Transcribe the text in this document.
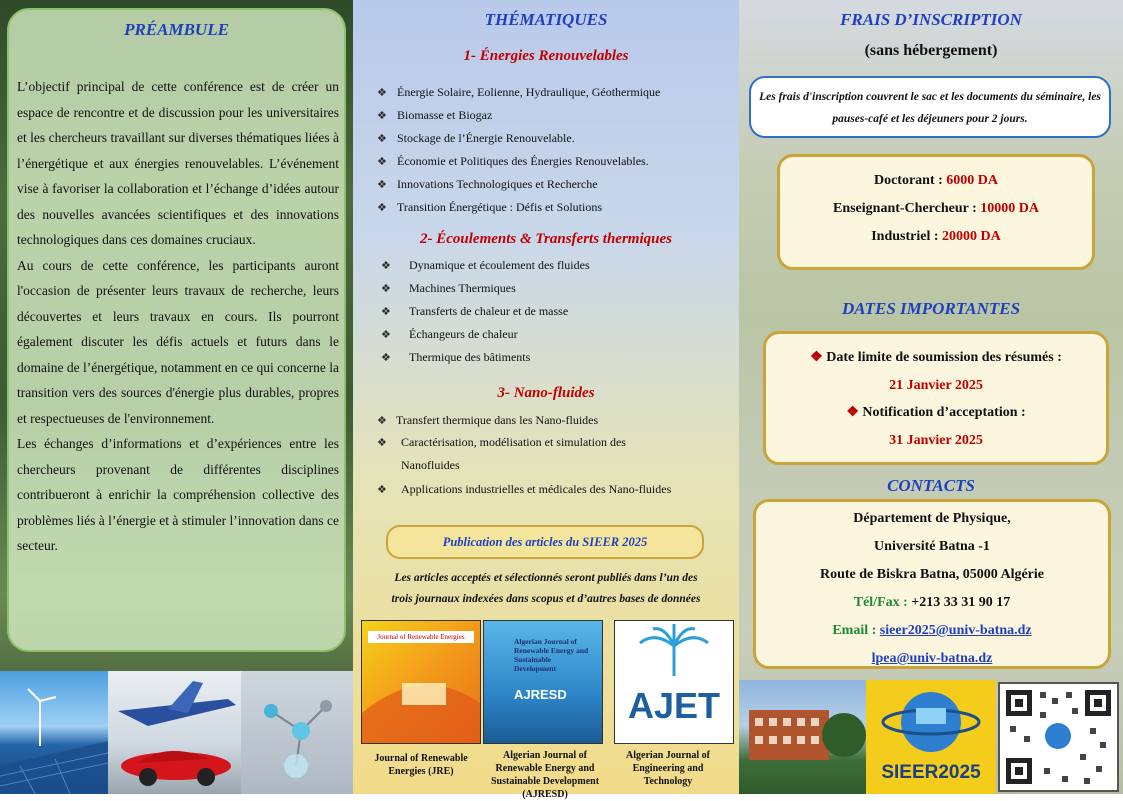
PRÉAMBULE

L’objectif principal de cette conférence est de créer un espace de rencontre et de discussion pour les universitaires et les chercheurs travaillant sur diverses thématiques liées à l’énergétique et aux énergies renouvelables. L’événement vise à favoriser la collaboration et l’échange d’idées autour des nouvelles avancées scientifiques et des innovations technologiques dans ces domaines cruciaux.

Au cours de cette conférence, les participants auront l'occasion de présenter leurs travaux de recherche, leurs découvertes et leurs travaux en cours. Ils pourront également discuter les défis actuels et futurs dans le domaine de l’énergétique, notamment en ce qui concerne la transition vers des sources d'énergie plus durables, propres et respectueuses de l'environnement.

Les échanges d’informations et d’expériences entre les chercheurs provenant de différentes disciplines contribueront à enrichir la compréhension collective des problèmes liés à l’énergie et à stimuler l’innovation dans ce secteur.

THÉMATIQUES
1- Énergies Renouvelables
❖ Énergie Solaire, Eolienne, Hydraulique, Géothermique
❖ Biomasse et Biogaz
❖ Stockage de l’Énergie Renouvelable.
❖ Économie et Politiques des Énergies Renouvelables.
❖ Innovations Technologiques et Recherche
❖ Transition Énergétique : Défis et Solutions
2- Écoulements & Transferts thermiques
❖ Dynamique et écoulement des fluides
❖ Machines Thermiques
❖ Transferts de chaleur et de masse
❖ Échangeurs de chaleur
❖ Thermique des bâtiments
3- Nano-fluides
❖ Transfert thermique dans les Nano-fluides
❖ Caractérisation, modélisation et simulation des
Nanofluides
❖ Applications industrielles et médicales des Nano-fluides
Publication des articles du SIEER 2025
Les articles acceptés et sélectionnés seront publiés dans l’un des
trois journaux indexées dans scopus et d’autres bases de données
Journal of Renewable Energies
Journal of Renewable Energies (JRE)
Algerian Journal of Renewable Energy and Sustainable Development
AJRESD
Algerian Journal of Renewable Energy and Sustainable Development (AJRESD)
AJET
Algerian Journal of Engineering and Technology
FRAIS D’INSCRIPTION
(sans hébergement)
Les frais d'inscription couvrent le sac et les documents du séminaire, les pauses-café et les déjeuners pour 2 jours.
Doctorant : 6000 DA
Enseignant-Chercheur : 10000 DA
Industriel : 20000 DA
DATES IMPORTANTES
❖ Date limite de soumission des résumés :
21 Janvier 2025
❖ Notification d’acceptation :
31 Janvier 2025
CONTACTS
Département de Physique,
Université Batna -1
Route de Biskra Batna, 05000 Algérie
Tél/Fax : +213 33 31 90 17
Email : sieer2025@univ-batna.dz
lpea@univ-batna.dz
SIEER2025
